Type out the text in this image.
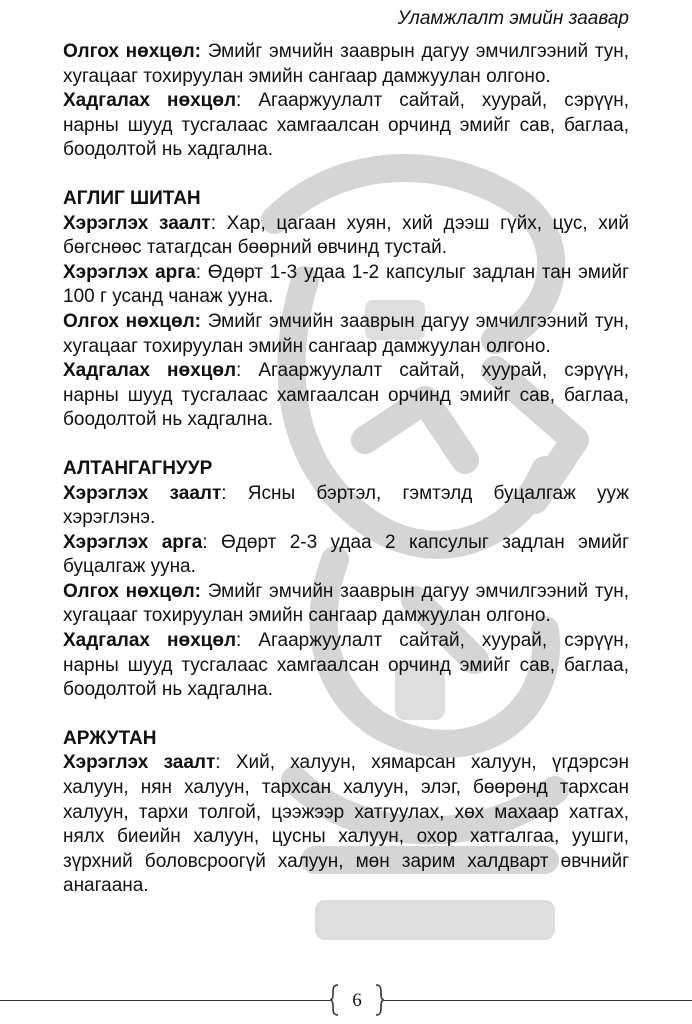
Уламжлалт эмийн заавар

Олгох нөхцөл: Эмийг эмчийн зааврын дагуу эмчилгээний тун, хугацааг тохируулан эмийн сангаар дамжуулан олгоно.

Хадгалах нөхцөл: Агааржуулалт сайтай, хуурай, сэрүүн, нарны шууд тусгалаас хамгаалсан орчинд эмийг сав, баглаа, боодолтой нь хадгална.

АГЛИГ ШИТАН

Хэрэглэх заалт: Хар, цагаан хуян, хий дээш гүйх, цус, хий бөгснөөс татагдсан бөөрний өвчинд тустай.

Хэрэглэх арга: Өдөрт 1-3 удаа 1-2 капсулыг задлан тан эмийг 100 г усанд чанаж ууна.

Олгох нөхцөл: Эмийг эмчийн зааврын дагуу эмчилгээний тун, хугацааг тохируулан эмийн сангаар дамжуулан олгоно.

Хадгалах нөхцөл: Агааржуулалт сайтай, хуурай, сэрүүн, нарны шууд тусгалаас хамгаалсан орчинд эмийг сав, баглаа, боодолтой нь хадгална.

АЛТАНГАГНУУР

Хэрэглэх заалт: Ясны бэртэл, гэмтэлд буцалгаж ууж хэрэглэнэ.

Хэрэглэх арга: Өдөрт 2-3 удаа 2 капсулыг задлан эмийг буцалгаж ууна.

Олгох нөхцөл: Эмийг эмчийн зааврын дагуу эмчилгээний тун, хугацааг тохируулан эмийн сангаар дамжуулан олгоно.

Хадгалах нөхцөл: Агааржуулалт сайтай, хуурай, сэрүүн, нарны шууд тусгалаас хамгаалсан орчинд эмийг сав, баглаа, боодолтой нь хадгална.

АРЖУТАН

Хэрэглэх заалт: Хий, халуун, хямарсан халуун, үгдэрсэн халуун, нян халуун, тархсан халуун, элэг, бөөрөнд тархсан халуун, тархи толгой, цээжээр хатгуулах, хөх махаар хатгах, нялх биеийн халуун, цусны халуун, охор хатгалгаа, уушги, зүрхний боловсроогүй халуун, мөн зарим халдварт өвчнийг анагаана.

6
